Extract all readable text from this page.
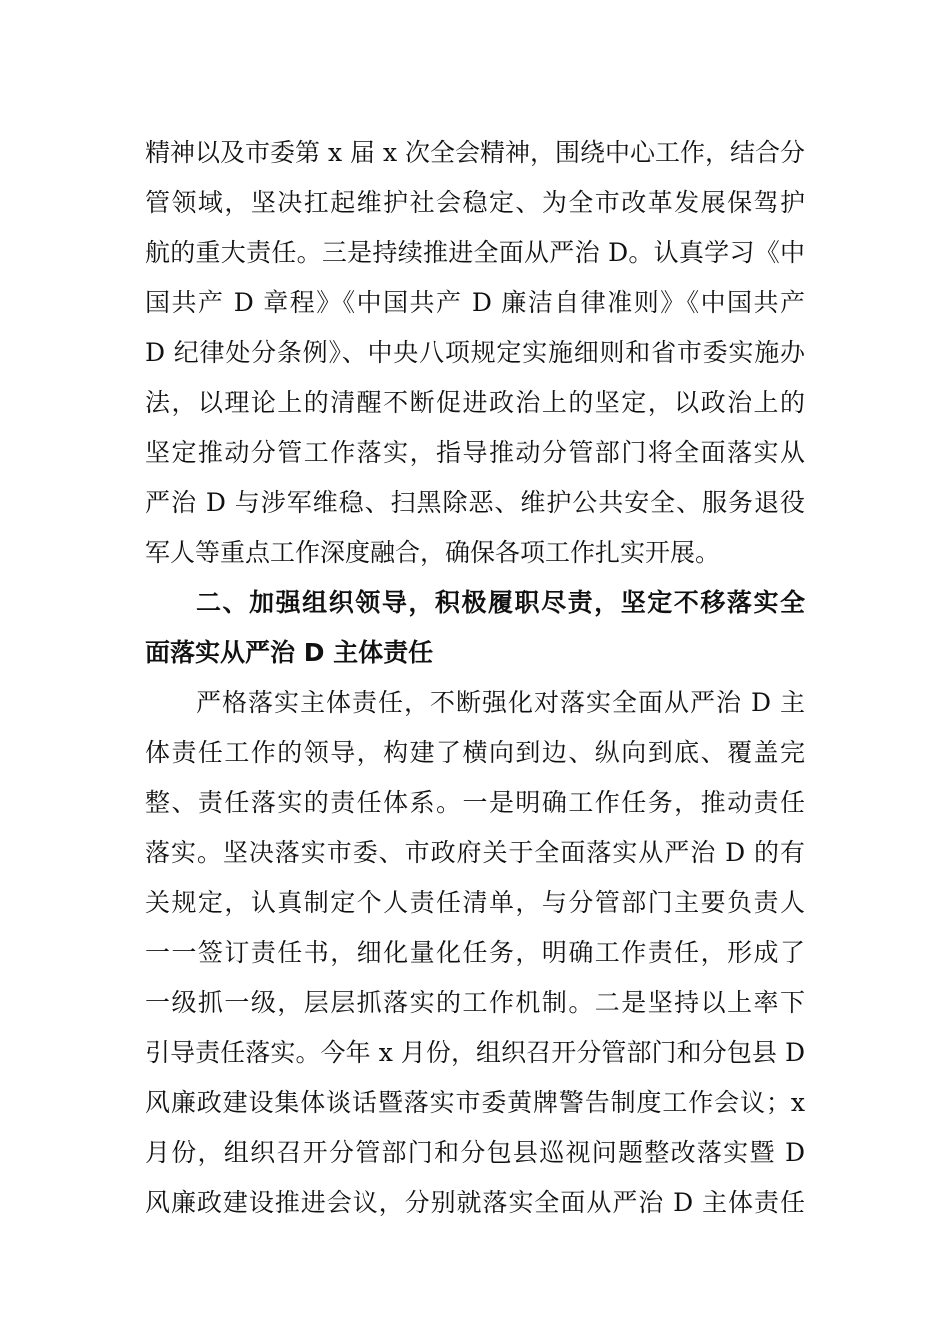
精神以及市委第 x 届 x 次全会精神，围绕中心工作，结合分
管领域，坚决扛起维护社会稳定、为全市改革发展保驾护
航的重大责任。三是持续推进全面从严治 D。认真学习《中
国共产 D 章程》《中国共产 D 廉洁自律准则》《中国共产
D 纪律处分条例》、中央八项规定实施细则和省市委实施办
法，以理论上的清醒不断促进政治上的坚定，以政治上的
坚定推动分管工作落实，指导推动分管部门将全面落实从
严治 D 与涉军维稳、扫黑除恶、维护公共安全、服务退役
军人等重点工作深度融合，确保各项工作扎实开展。
二、加强组织领导，积极履职尽责，坚定不移落实全
面落实从严治 D 主体责任
严格落实主体责任，不断强化对落实全面从严治 D 主
体责任工作的领导，构建了横向到边、纵向到底、覆盖完
整、责任落实的责任体系。一是明确工作任务，推动责任
落实。坚决落实市委、市政府关于全面落实从严治 D 的有
关规定，认真制定个人责任清单，与分管部门主要负责人
一一签订责任书，细化量化任务，明确工作责任，形成了
一级抓一级，层层抓落实的工作机制。二是坚持以上率下
引导责任落实。今年 x 月份，组织召开分管部门和分包县 D
风廉政建设集体谈话暨落实市委黄牌警告制度工作会议；x
月份，组织召开分管部门和分包县巡视问题整改落实暨 D
风廉政建设推进会议，分别就落实全面从严治 D 主体责任
